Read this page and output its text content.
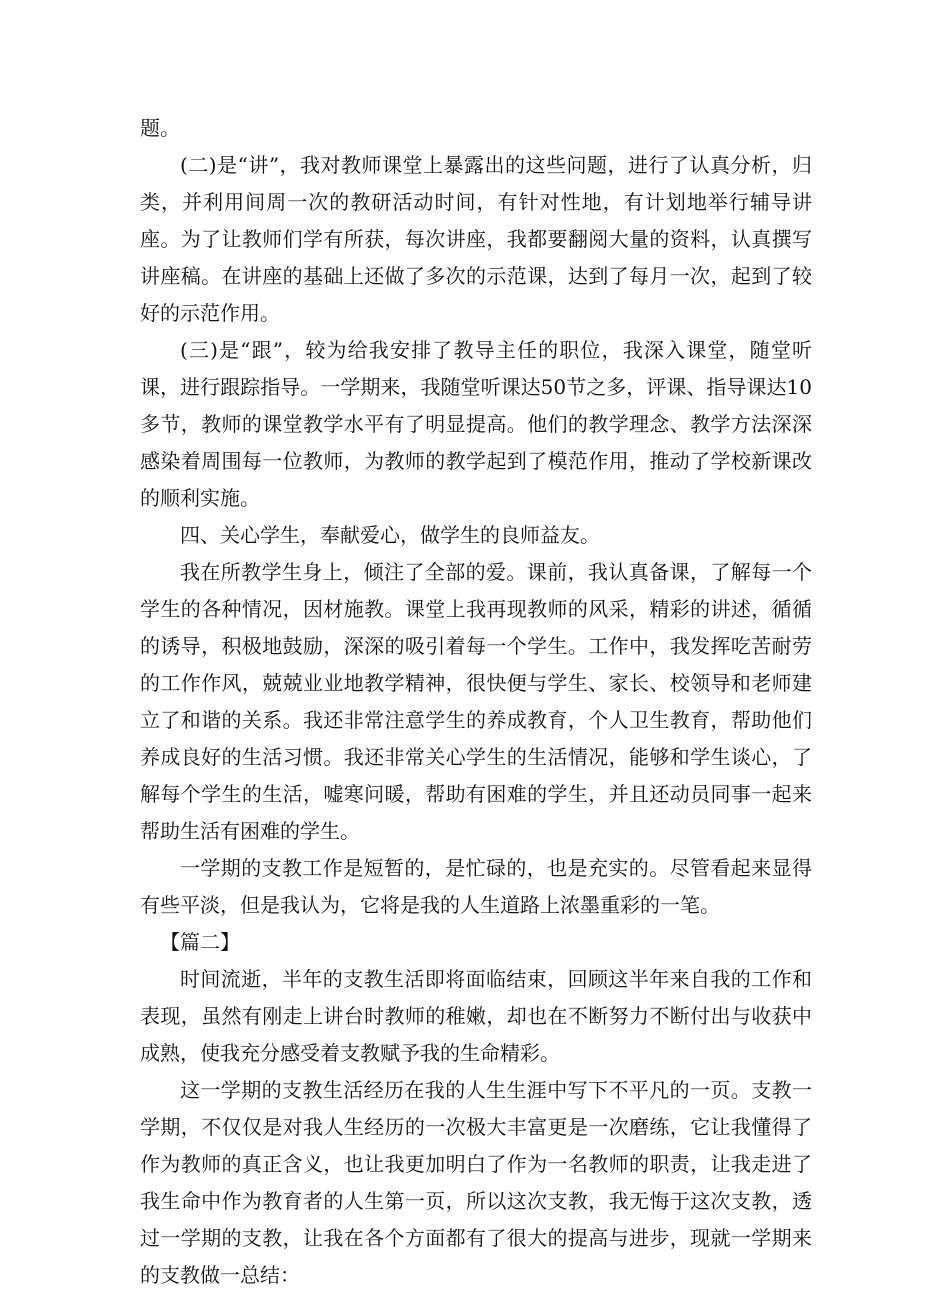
题。

(二)是“讲”，我对教师课堂上暴露出的这些问题，进行了认真分析，归类，并利用间周一次的教研活动时间，有针对性地，有计划地举行辅导讲座。为了让教师们学有所获，每次讲座，我都要翻阅大量的资料，认真撰写讲座稿。在讲座的基础上还做了多次的示范课，达到了每月一次，起到了较好的示范作用。

(三)是“跟”，较为给我安排了教导主任的职位，我深入课堂，随堂听课，进行跟踪指导。一学期来，我随堂听课达50节之多，评课、指导课达10多节，教师的课堂教学水平有了明显提高。他们的教学理念、教学方法深深感染着周围每一位教师，为教师的教学起到了模范作用，推动了学校新课改的顺利实施。

四、关心学生，奉献爱心，做学生的良师益友。

我在所教学生身上，倾注了全部的爱。课前，我认真备课，了解每一个学生的各种情况，因材施教。课堂上我再现教师的风采，精彩的讲述，循循的诱导，积极地鼓励，深深的吸引着每一个学生。工作中，我发挥吃苦耐劳的工作作风，兢兢业业地教学精神，很快便与学生、家长、校领导和老师建立了和谐的关系。我还非常注意学生的养成教育，个人卫生教育，帮助他们养成良好的生活习惯。我还非常关心学生的生活情况，能够和学生谈心，了解每个学生的生活，嘘寒问暖，帮助有困难的学生，并且还动员同事一起来帮助生活有困难的学生。

一学期的支教工作是短暂的，是忙碌的，也是充实的。尽管看起来显得有些平淡，但是我认为，它将是我的人生道路上浓墨重彩的一笔。

【篇二】

时间流逝，半年的支教生活即将面临结束，回顾这半年来自我的工作和表现，虽然有刚走上讲台时教师的稚嫩，却也在不断努力不断付出与收获中成熟，使我充分感受着支教赋予我的生命精彩。

这一学期的支教生活经历在我的人生生涯中写下不平凡的一页。支教一学期，不仅仅是对我人生经历的一次极大丰富更是一次磨练，它让我懂得了作为教师的真正含义，也让我更加明白了作为一名教师的职责，让我走进了我生命中作为教育者的人生第一页，所以这次支教，我无悔于这次支教，透过一学期的支教，让我在各个方面都有了很大的提高与进步，现就一学期来的支教做一总结：
